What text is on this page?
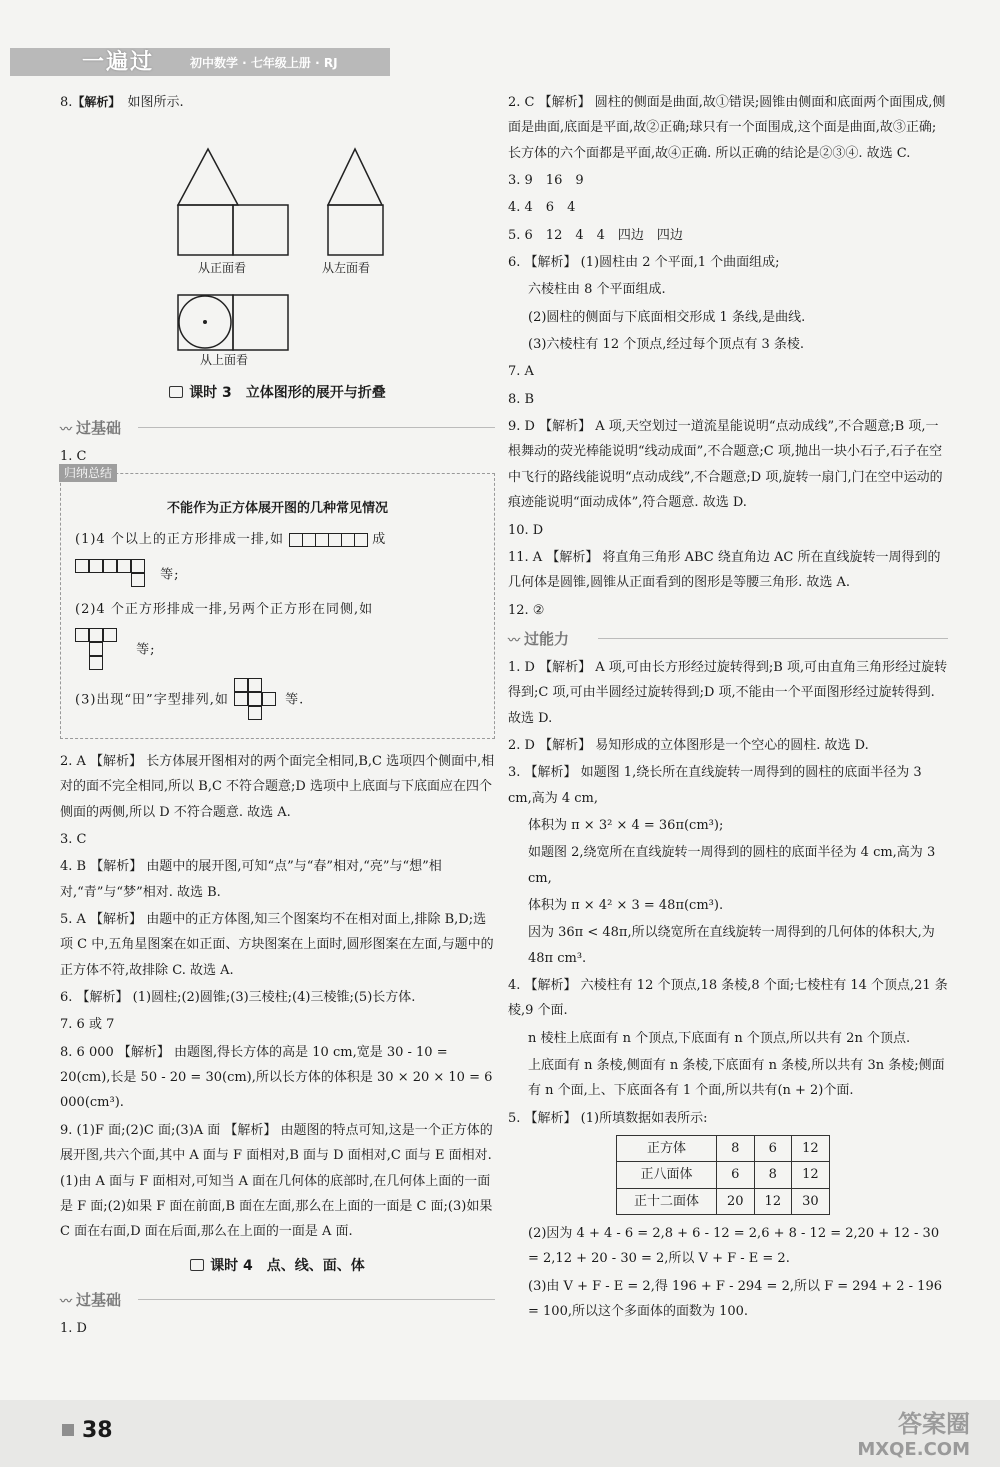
一遍过	初中数学 · 七年级上册 · RJ
8.【解析】　 如图所示.
从正面看	从左面看
从上面看
课时 3　立体图形的展开与折叠
〰 过基础
1. C
归纳总结
不能作为正方体展开图的几种常见情况
(1)4 个以上的正方形排成一排,如	成
等;
(2)4 个正方形排成一排,另两个正方形在同侧,如
等;
(3)出现“田”字型排列,如	等.
2. A 【解析】 长方体展开图相对的两个面完全相同,B,C 选项四个侧面中,相对的面不完全相同,所以 B,C 不符合题意;D 选项中上底面与下底面应在四个侧面的两侧,所以 D 不符合题意. 故选 A.
3. C
4. B 【解析】 由题中的展开图,可知“点”与“春”相对,“亮”与“想”相对,“青”与“梦”相对. 故选 B.
5. A 【解析】 由题中的正方体图,知三个图案均不在相对面上,排除 B,D;选项 C 中,五角星图案在如正面、方块图案在上面时,圆形图案在左面,与题中的正方体不符,故排除 C. 故选 A.
6. 【解析】 (1)圆柱;(2)圆锥;(3)三棱柱;(4)三棱锥;(5)长方体.
7. 6 或 7
8. 6 000 【解析】 由题图,得长方体的高是 10 cm,宽是 30 - 10 = 20(cm),长是 50 - 20 = 30(cm),所以长方体的体积是 30 × 20 × 10 = 6 000(cm³).
9. (1)F 面;(2)C 面;(3)A 面 【解析】 由题图的特点可知,这是一个正方体的展开图,共六个面,其中 A 面与 F 面相对,B 面与 D 面相对,C 面与 E 面相对. (1)由 A 面与 F 面相对,可知当 A 面在几何体的底部时,在几何体上面的一面是 F 面;(2)如果 F 面在前面,B 面在左面,那么在上面的一面是 C 面;(3)如果 C 面在右面,D 面在后面,那么在上面的一面是 A 面.
课时 4　点、线、面、体
〰 过基础
1. D
2. C 【解析】 圆柱的侧面是曲面,故①错误;圆锥由侧面和底面两个面围成,侧面是曲面,底面是平面,故②正确;球只有一个面围成,这个面是曲面,故③正确;长方体的六个面都是平面,故④正确. 所以正确的结论是②③④. 故选 C.
3. 9　16　9
4. 4　6　4
5. 6　12　4　4　四边　四边
6. 【解析】 (1)圆柱由 2 个平面,1 个曲面组成;
六棱柱由 8 个平面组成.
(2)圆柱的侧面与下底面相交形成 1 条线,是曲线.
(3)六棱柱有 12 个顶点,经过每个顶点有 3 条棱.
7. A
8. B
9. D 【解析】 A 项,天空划过一道流星能说明“点动成线”,不合题意;B 项,一根舞动的荧光棒能说明“线动成面”,不合题意;C 项,抛出一块小石子,石子在空中飞行的路线能说明“点动成线”,不合题意;D 项,旋转一扇门,门在空中运动的痕迹能说明“面动成体”,符合题意. 故选 D.
10. D
11. A 【解析】 将直角三角形 ABC 绕直角边 AC 所在直线旋转一周得到的几何体是圆锥,圆锥从正面看到的图形是等腰三角形. 故选 A.
12. ②
〰 过能力
1. D 【解析】 A 项,可由长方形经过旋转得到;B 项,可由直角三角形经过旋转得到;C 项,可由半圆经过旋转得到;D 项,不能由一个平面图形经过旋转得到. 故选 D.
2. D 【解析】 易知形成的立体图形是一个空心的圆柱. 故选 D.
3. 【解析】 如题图 1,绕长所在直线旋转一周得到的圆柱的底面半径为 3 cm,高为 4 cm,
体积为 π × 3² × 4 = 36π(cm³);
如题图 2,绕宽所在直线旋转一周得到的圆柱的底面半径为 4 cm,高为 3 cm,
体积为 π × 4² × 3 = 48π(cm³).
因为 36π < 48π,所以绕宽所在直线旋转一周得到的几何体的体积大,为 48π cm³.
4. 【解析】 六棱柱有 12 个顶点,18 条棱,8 个面;七棱柱有 14 个顶点,21 条棱,9 个面.
n 棱柱上底面有 n 个顶点,下底面有 n 个顶点,所以共有 2n 个顶点.
上底面有 n 条棱,侧面有 n 条棱,下底面有 n 条棱,所以共有 3n 条棱;侧面有 n 个面,上、下底面各有 1 个面,所以共有(n + 2)个面.
5. 【解析】 (1)所填数据如表所示:
正方体	8	6	12
正八面体	6	8	12
正十二面体	20	12	30
(2)因为 4 + 4 - 6 = 2,8 + 6 - 12 = 2,6 + 8 - 12 = 2,20 + 12 - 30 = 2,12 + 20 - 30 = 2,所以 V + F - E = 2.
(3)由 V + F - E = 2,得 196 + F - 294 = 2,所以 F = 294 + 2 - 196 = 100,所以这个多面体的面数为 100.
38	答案圈
MXQE.COM
